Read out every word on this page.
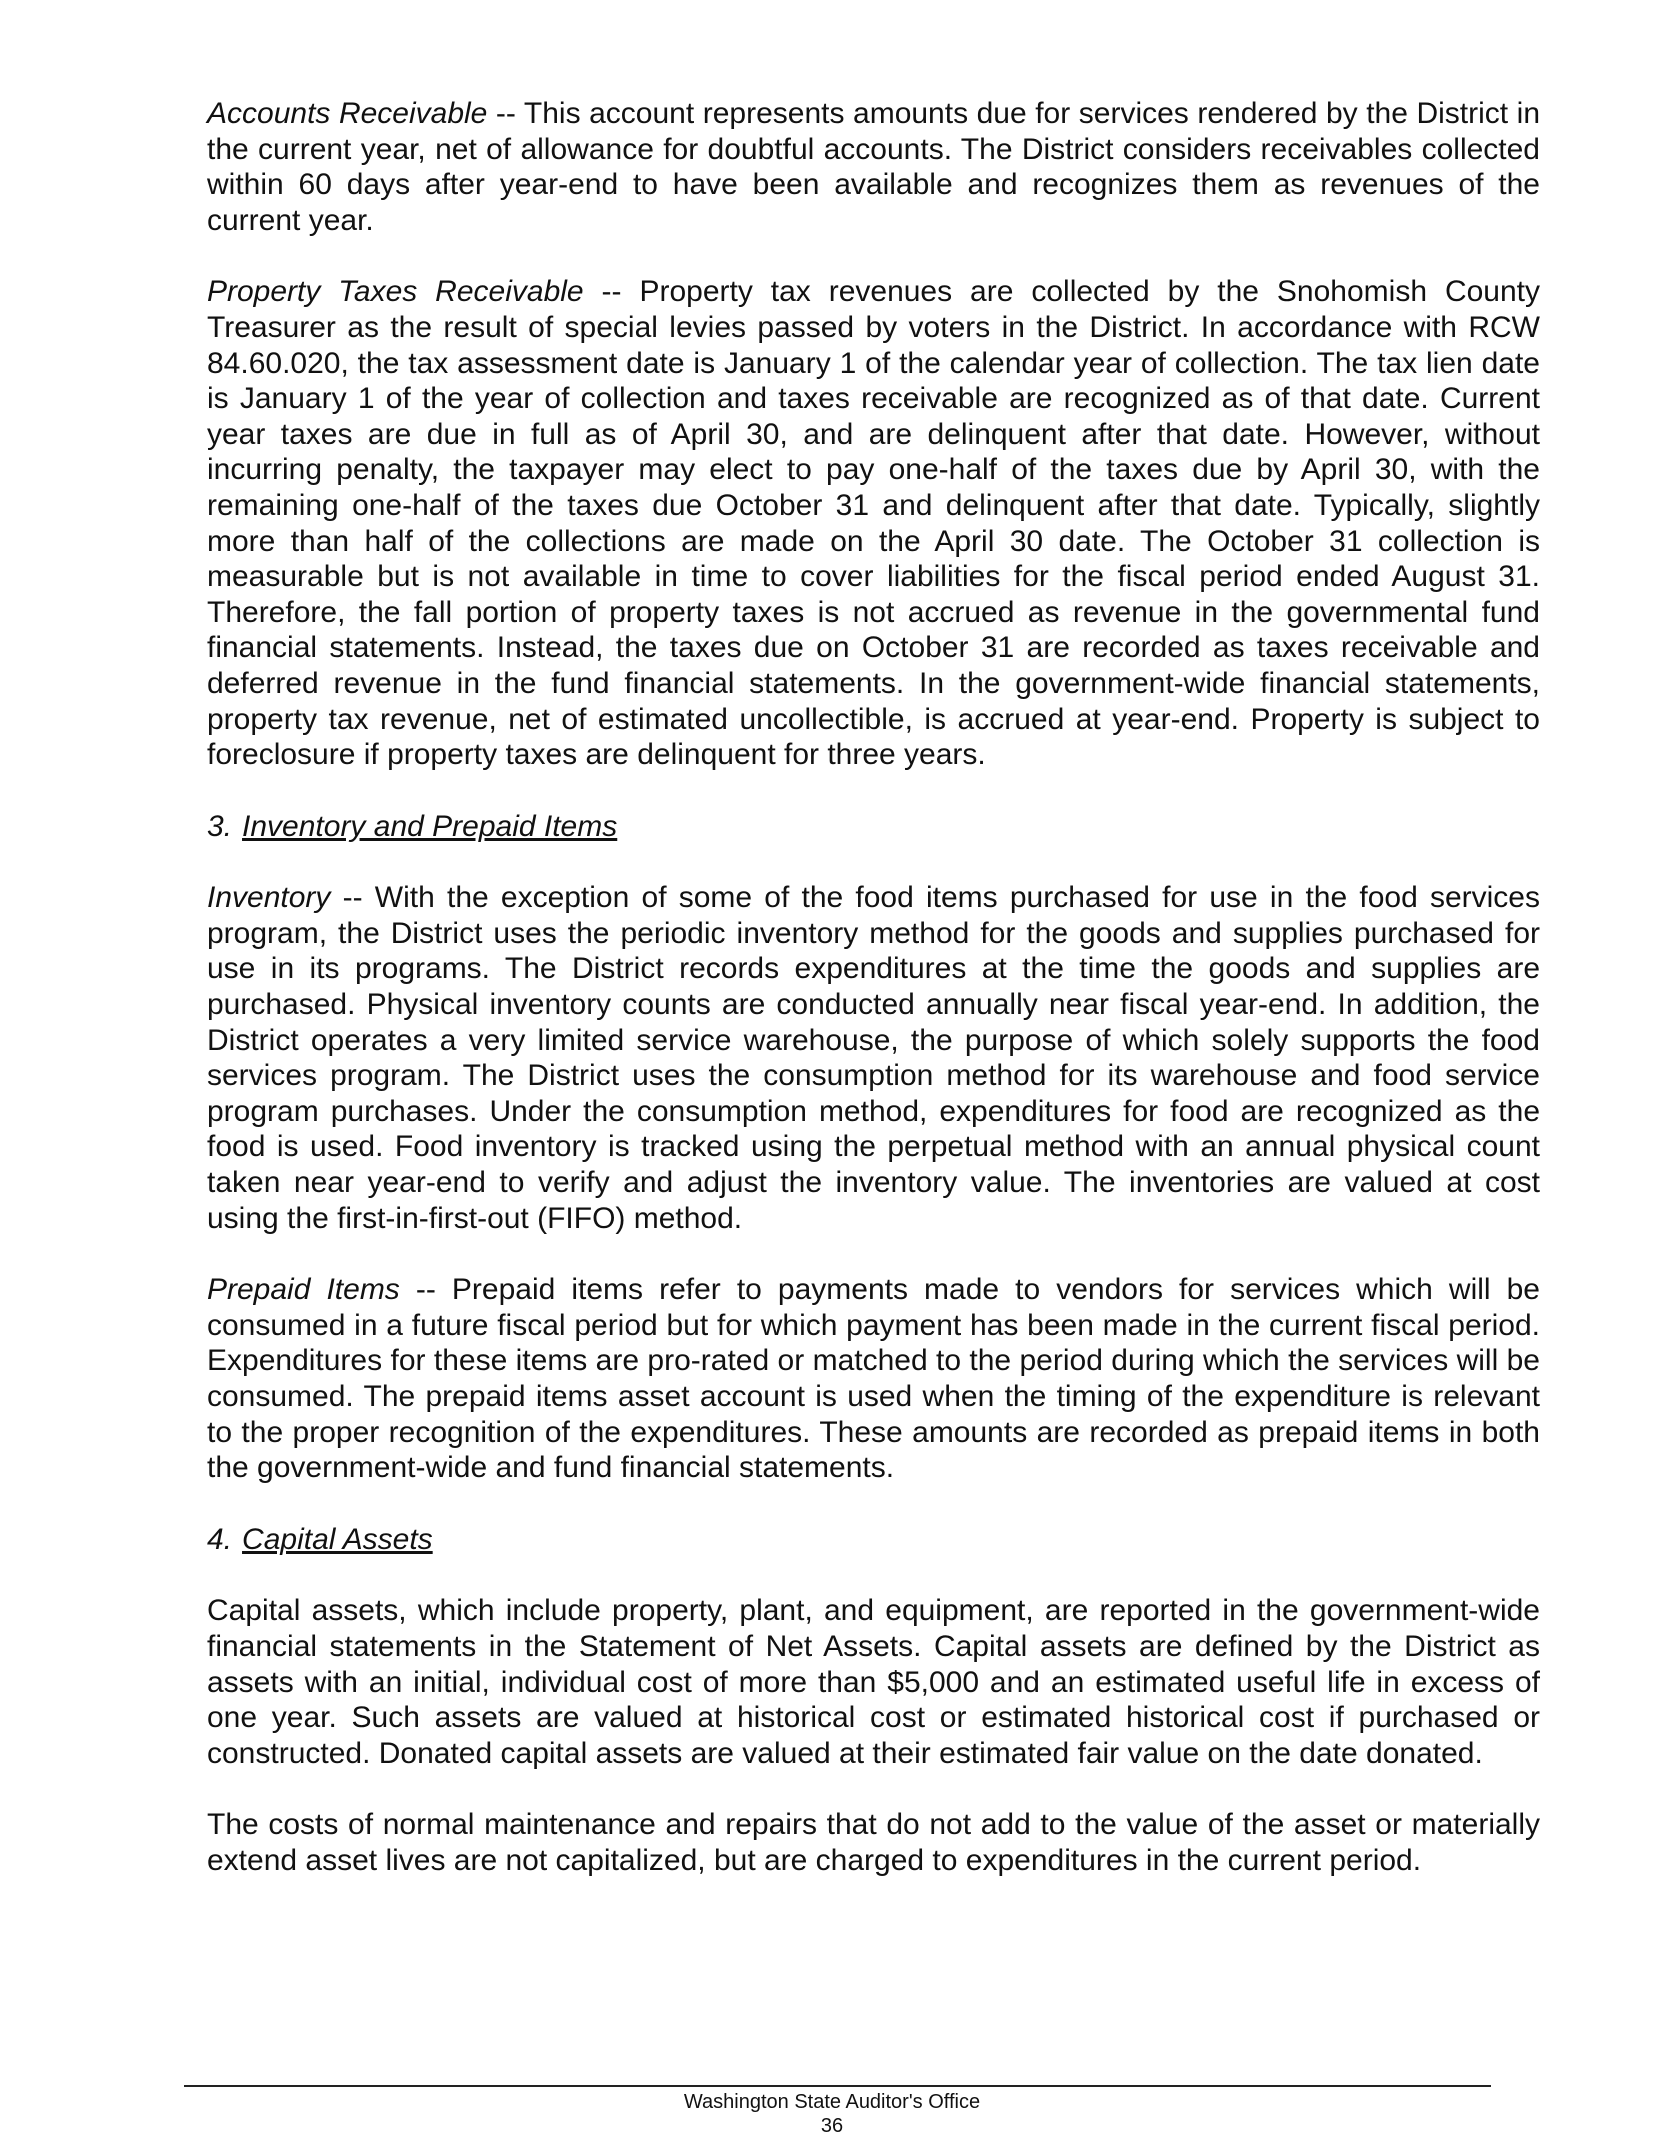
Accounts Receivable -- This account represents amounts due for services rendered by the District in the current year, net of allowance for doubtful accounts. The District considers receivables collected within 60 days after year-end to have been available and recognizes them as revenues of the current year.

Property Taxes Receivable -- Property tax revenues are collected by the Snohomish County Treasurer as the result of special levies passed by voters in the District. In accordance with RCW 84.60.020, the tax assessment date is January 1 of the calendar year of collection. The tax lien date is January 1 of the year of collection and taxes receivable are recognized as of that date. Current year taxes are due in full as of April 30, and are delinquent after that date. However, without incurring penalty, the taxpayer may elect to pay one-half of the taxes due by April 30, with the remaining one-half of the taxes due October 31 and delinquent after that date. Typically, slightly more than half of the collections are made on the April 30 date. The October 31 collection is measurable but is not available in time to cover liabilities for the fiscal period ended August 31. Therefore, the fall portion of property taxes is not accrued as revenue in the governmental fund financial statements. Instead, the taxes due on October 31 are recorded as taxes receivable and deferred revenue in the fund financial statements. In the government-wide financial statements, property tax revenue, net of estimated uncollectible, is accrued at year-end. Property is subject to foreclosure if property taxes are delinquent for three years.

3. Inventory and Prepaid Items

Inventory -- With the exception of some of the food items purchased for use in the food services program, the District uses the periodic inventory method for the goods and supplies purchased for use in its programs. The District records expenditures at the time the goods and supplies are purchased. Physical inventory counts are conducted annually near fiscal year-end. In addition, the District operates a very limited service warehouse, the purpose of which solely supports the food services program. The District uses the consumption method for its warehouse and food service program purchases. Under the consumption method, expenditures for food are recognized as the food is used. Food inventory is tracked using the perpetual method with an annual physical count taken near year-end to verify and adjust the inventory value. The inventories are valued at cost using the first-in-first-out (FIFO) method.

Prepaid Items -- Prepaid items refer to payments made to vendors for services which will be consumed in a future fiscal period but for which payment has been made in the current fiscal period. Expenditures for these items are pro-rated or matched to the period during which the services will be consumed. The prepaid items asset account is used when the timing of the expenditure is relevant to the proper recognition of the expenditures. These amounts are recorded as prepaid items in both the government-wide and fund financial statements.

4. Capital Assets

Capital assets, which include property, plant, and equipment, are reported in the government-wide financial statements in the Statement of Net Assets. Capital assets are defined by the District as assets with an initial, individual cost of more than $5,000 and an estimated useful life in excess of one year. Such assets are valued at historical cost or estimated historical cost if purchased or constructed. Donated capital assets are valued at their estimated fair value on the date donated.

The costs of normal maintenance and repairs that do not add to the value of the asset or materially extend asset lives are not capitalized, but are charged to expenditures in the current period.

Washington State Auditor's Office
36
